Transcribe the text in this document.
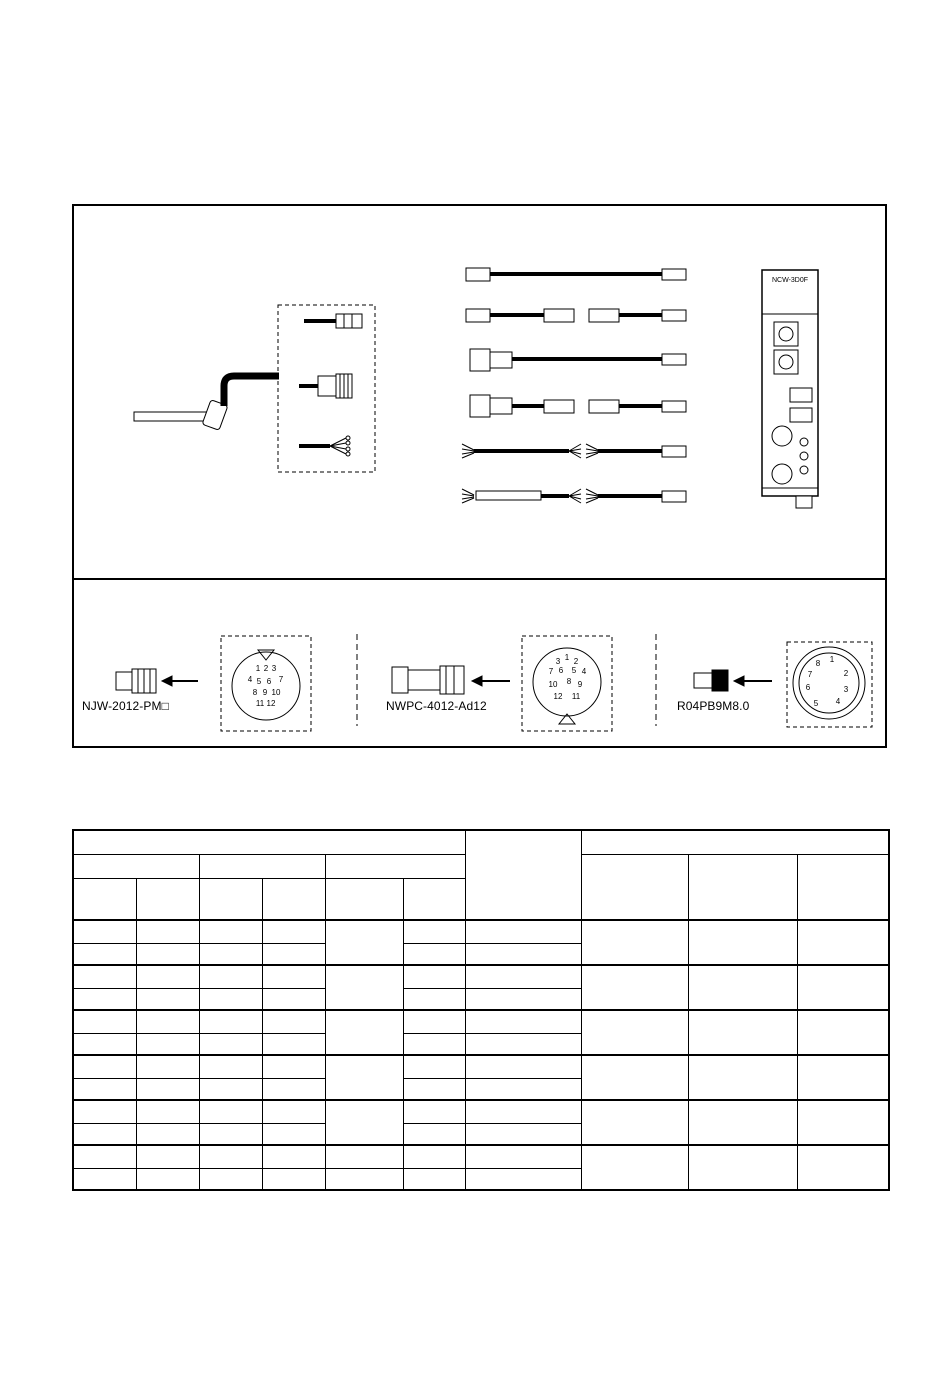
1 2 3
4 5 6 7
8 9 10
11 12
1 2
3
4
5
6
7
8 9
10
11
12
1
2
3
4
5
6
7
8
NCW-3D0F
NJW-2012-PM□	NWPC-4012-Ad12	R04PB9M8.0
